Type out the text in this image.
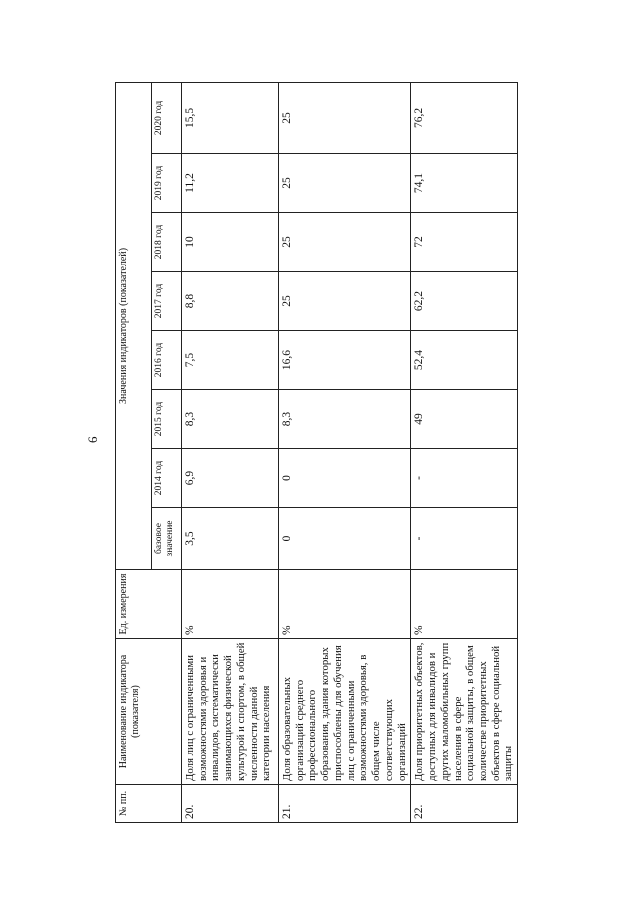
6
№ пп.	Наименование индикатора (показателя)	Ед. измерения	Значения индикаторов (показателей)							
			базовое значение	2014 год	2015 год	2016 год	2017 год	2018 год	2019 год	2020 год
20.	Доля лиц с ограниченными возможностями здоровья и инвалидов, систематически занимающихся физической культурой и спортом, в общей численности данной категории населения	%	3,5	6,9	8,3	7,5	8,8	10	11,2	15,5
21.	Доля образовательных организаций среднего профессионального образования, здания которых приспособлены для обучения лиц с ограниченными возможностями здоровья, в общем числе соответствующих организаций	%	0	0	8,3	16,6	25	25	25	25
22.	Доля приоритетных объектов, доступных для инвалидов и других маломобильных групп населения в сфере социальной защиты, в общем количестве приоритетных объектов в сфере социальной защиты	%	-	-	49	52,4	62,2	72	74,1	76,2
